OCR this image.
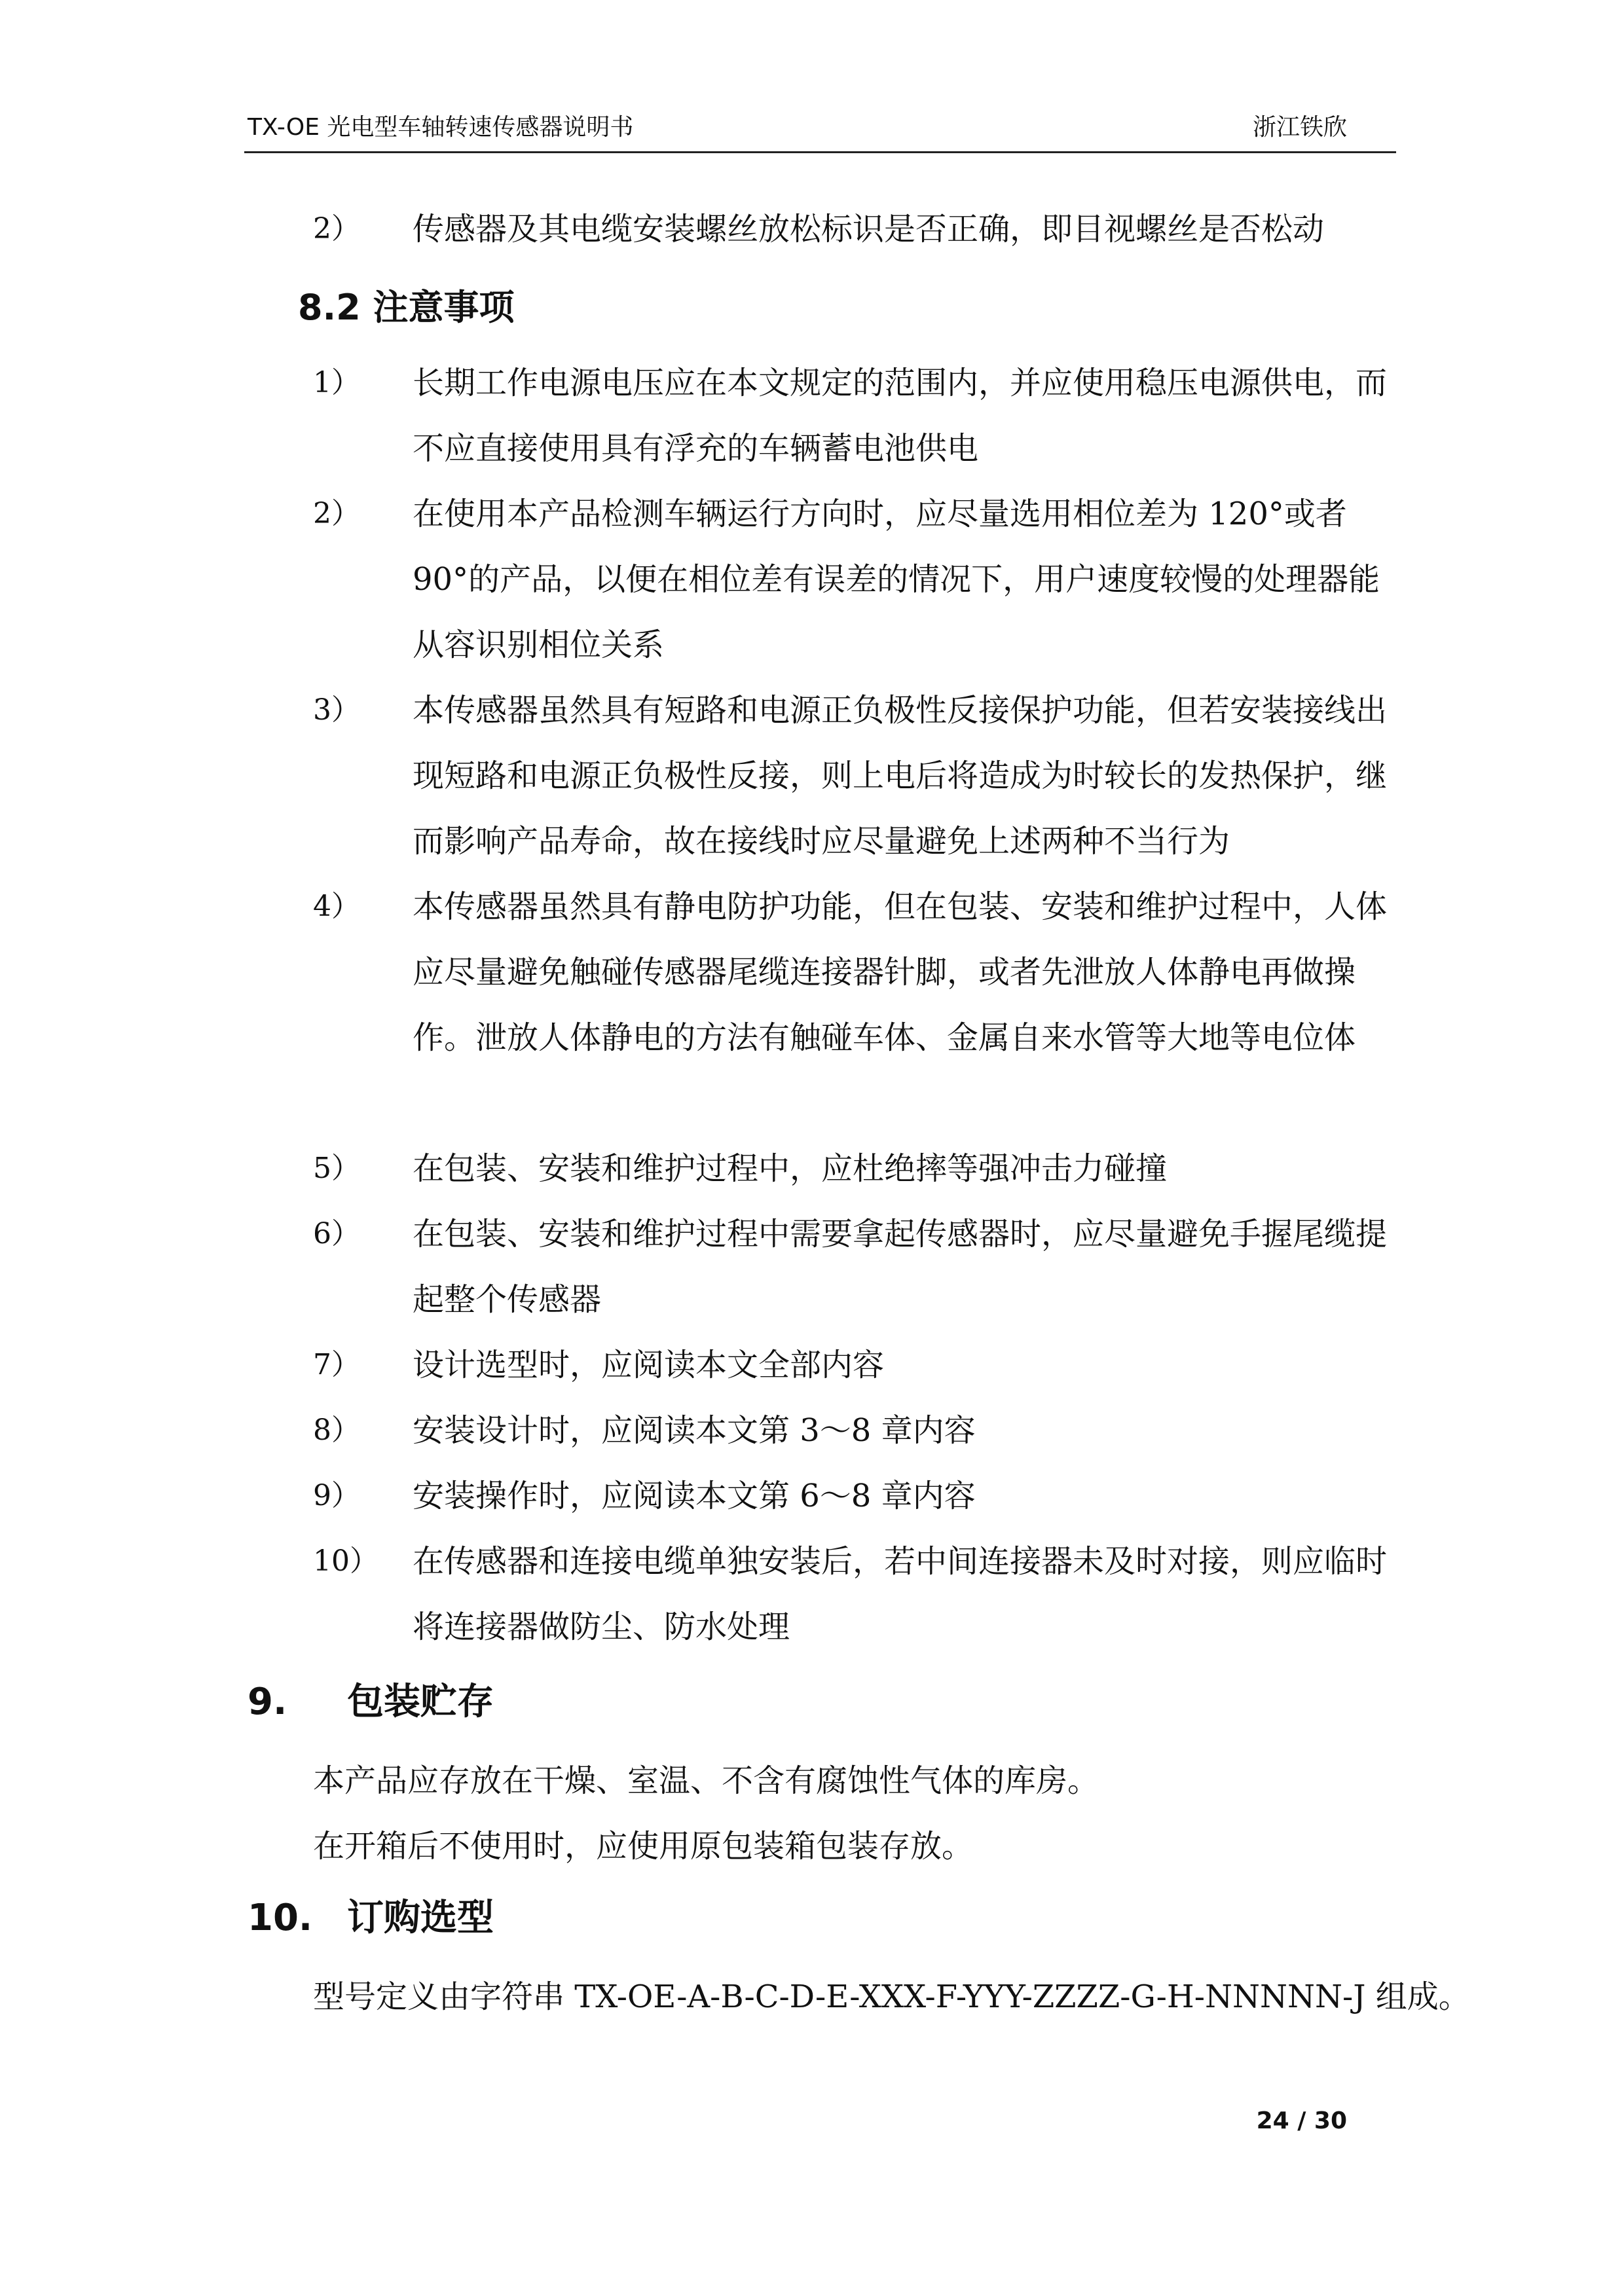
TX-OE 光电型车轴转速传感器说明书	浙江铁欣
2） 传感器及其电缆安装螺丝放松标识是否正确，即目视螺丝是否松动
8.2 注意事项
1） 长期工作电源电压应在本文规定的范围内，并应使用稳压电源供电，而不应直接使用具有浮充的车辆蓄电池供电
2） 在使用本产品检测车辆运行方向时，应尽量选用相位差为 120°或者 90°的产品，以便在相位差有误差的情况下，用户速度较慢的处理器能从容识别相位关系
3） 本传感器虽然具有短路和电源正负极性反接保护功能，但若安装接线出现短路和电源正负极性反接，则上电后将造成为时较长的发热保护，继而影响产品寿命，故在接线时应尽量避免上述两种不当行为
4） 本传感器虽然具有静电防护功能，但在包装、安装和维护过程中，人体应尽量避免触碰传感器尾缆连接器针脚，或者先泄放人体静电再做操作。泄放人体静电的方法有触碰车体、金属自来水管等大地等电位体
5） 在包装、安装和维护过程中，应杜绝摔等强冲击力碰撞
6） 在包装、安装和维护过程中需要拿起传感器时，应尽量避免手握尾缆提起整个传感器
7） 设计选型时，应阅读本文全部内容
8） 安装设计时，应阅读本文第 3～8 章内容
9） 安装操作时，应阅读本文第 6～8 章内容
10） 在传感器和连接电缆单独安装后，若中间连接器未及时对接，则应临时将连接器做防尘、防水处理
9. 包装贮存
本产品应存放在干燥、室温、不含有腐蚀性气体的库房。
在开箱后不使用时，应使用原包装箱包装存放。
10. 订购选型
型号定义由字符串 TX-OE-A-B-C-D-E-XXX-F-YYY-ZZZZ-G-H-NNNNN-J 组成。
24 / 30
